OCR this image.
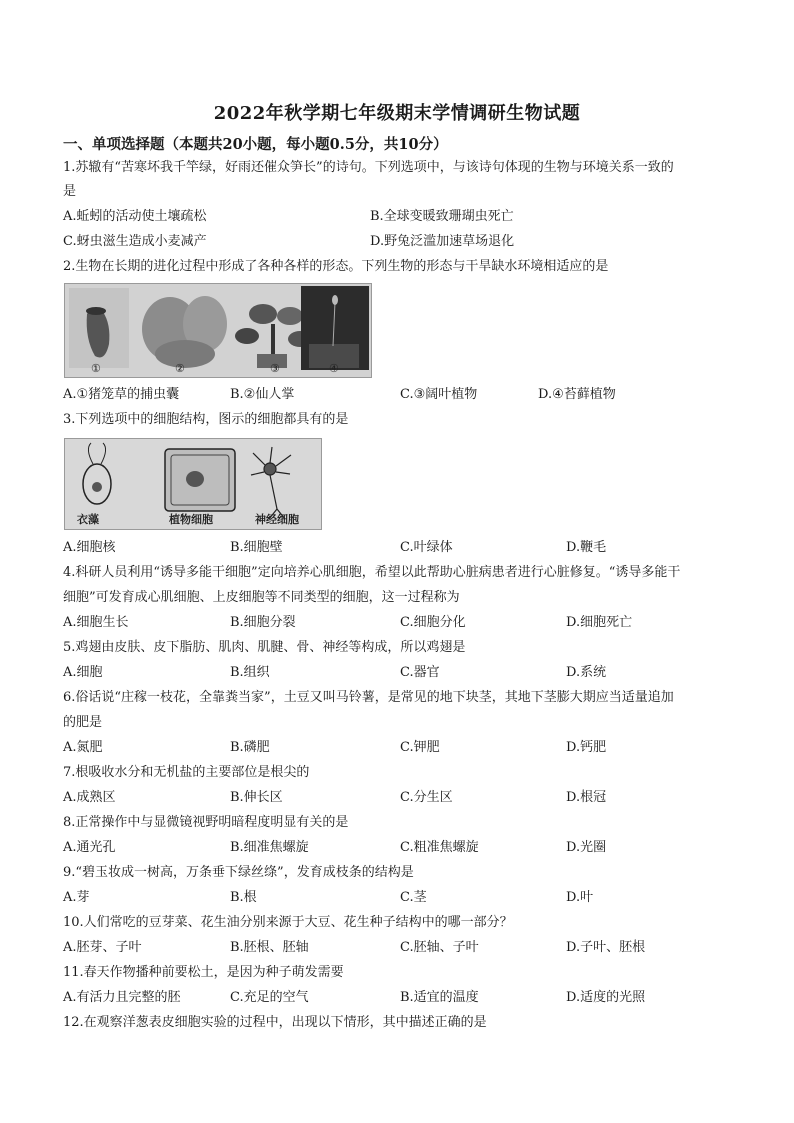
2022年秋学期七年级期末学情调研生物试题
一、单项选择题（本题共20小题，每小题0.5分，共10分）
1.苏辙有“苦寒坏我千竿绿，好雨还催众笋长”的诗句。下列选项中，与该诗句体现的生物与环境关系一致的
是
A.蚯蚓的活动使土壤疏松	B.全球变暖致珊瑚虫死亡
C.蚜虫滋生造成小麦减产	D.野兔泛滥加速草场退化
2.生物在长期的进化过程中形成了各种各样的形态。下列生物的形态与干旱缺水环境相适应的是
①	②	③	④
A.①猪笼草的捕虫囊	B.②仙人掌	C.③阔叶植物	D.④苔藓植物
3.下列选项中的细胞结构，图示的细胞都具有的是
衣藻	植物细胞	神经细胞
A.细胞核	B.细胞壁	C.叶绿体	D.鞭毛
4.科研人员利用“诱导多能干细胞”定向培养心肌细胞，希望以此帮助心脏病患者进行心脏修复。“诱导多能干
细胞”可发育成心肌细胞、上皮细胞等不同类型的细胞，这一过程称为
A.细胞生长	B.细胞分裂	C.细胞分化	D.细胞死亡
5.鸡翅由皮肤、皮下脂肪、肌肉、肌腱、骨、神经等构成，所以鸡翅是
A.细胞	B.组织	C.器官	D.系统
6.俗话说“庄稼一枝花，全靠粪当家”，土豆又叫马铃薯，是常见的地下块茎，其地下茎膨大期应当适量追加
的肥是
A.氮肥	B.磷肥	C.钾肥	D.钙肥
7.根吸收水分和无机盐的主要部位是根尖的
A.成熟区	B.伸长区	C.分生区	D.根冠
8.正常操作中与显微镜视野明暗程度明显有关的是
A.通光孔	B.细准焦螺旋	C.粗准焦螺旋	D.光圈
9.“碧玉妆成一树高，万条垂下绿丝绦”，发育成枝条的结构是
A.芽	B.根	C.茎	D.叶
10.人们常吃的豆芽菜、花生油分别来源于大豆、花生种子结构中的哪一部分？
A.胚芽、子叶	B.胚根、胚轴	C.胚轴、子叶	D.子叶、胚根
11.春天作物播种前要松土，是因为种子萌发需要
A.有活力且完整的胚	C.充足的空气	B.适宜的温度	D.适度的光照
12.在观察洋葱表皮细胞实验的过程中，出现以下情形，其中描述正确的是
